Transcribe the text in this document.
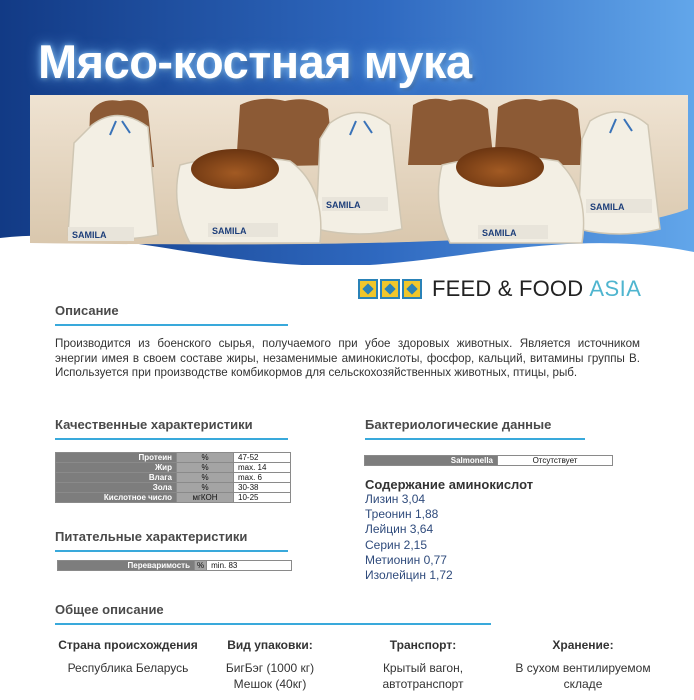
Мясо-костная мука
SAMILA	SAMILA
SAMILA
SAMILA
SAMILA
FEED & FOOD ASIA
Описание

Производится из боенского сырья, получаемого при убое здоровых животных. Является источником энергии имея в своем составе жиры, незаменимые аминокислоты, фосфор, кальций, витамины группы В. Используется при производстве комбикормов для сельскохозяйственных животных, птицы, рыб.

Качественные характеристики
Протеин	%	47-52
Жир	%	max. 14
Влага	%	max. 6
Зола	%	30-38
Кислотное число	мгКОН	10-25
Питательные характеристики
Переваримость	%	min. 83
Бактериологические данные
Salmonella	Отсутствует
Содержание аминокислот
Лизин 3,04
Треонин 1,88
Лейцин 3,64
Серин 2,15
Метионин 0,77
Изолейцин 1,72
Общее описание
Страна происхождения
Республика Беларусь
Вид упаковки:
БигБэг (1000 кг)
Мешок (40кг)
Транспорт:
Крытый вагон,
автотранспорт
Хранение:
В сухом вентилируемом
складе
